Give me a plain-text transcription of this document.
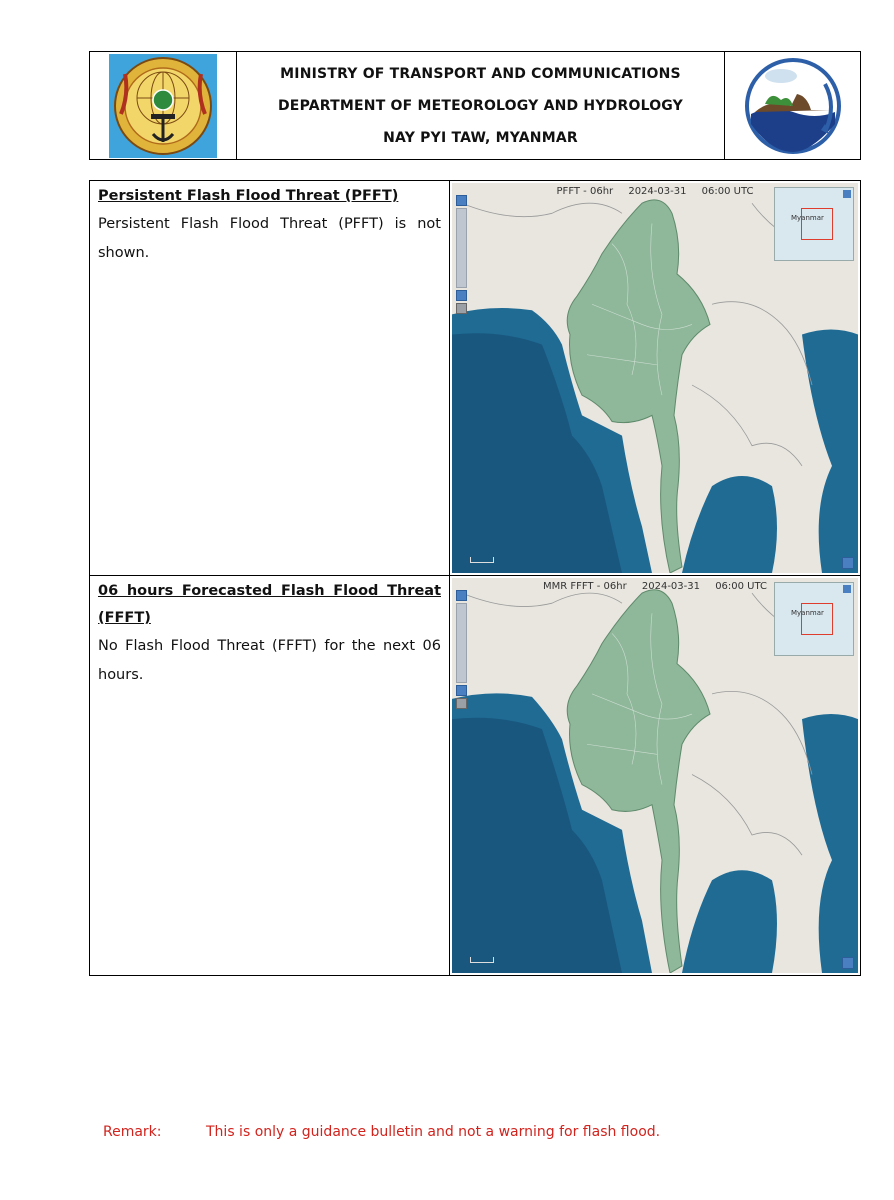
MINISTRY OF TRANSPORT AND COMMUNICATIONS
DEPARTMENT OF METEOROLOGY AND HYDROLOGY
NAY PYI TAW, MYANMAR
Persistent Flash Flood Threat (PFFT)
Persistent Flash Flood Threat (PFFT) is not shown.
PFFT - 06hr 2024-03-31 06:00 UTC
Myanmar
06 hours Forecasted Flash Flood Threat (FFFT)
No Flash Flood Threat (FFFT) for the next 06 hours.
MMR FFFT - 06hr 2024-03-31 06:00 UTC
Myanmar
Remark:	This is only a guidance bulletin and not a warning for flash flood.
